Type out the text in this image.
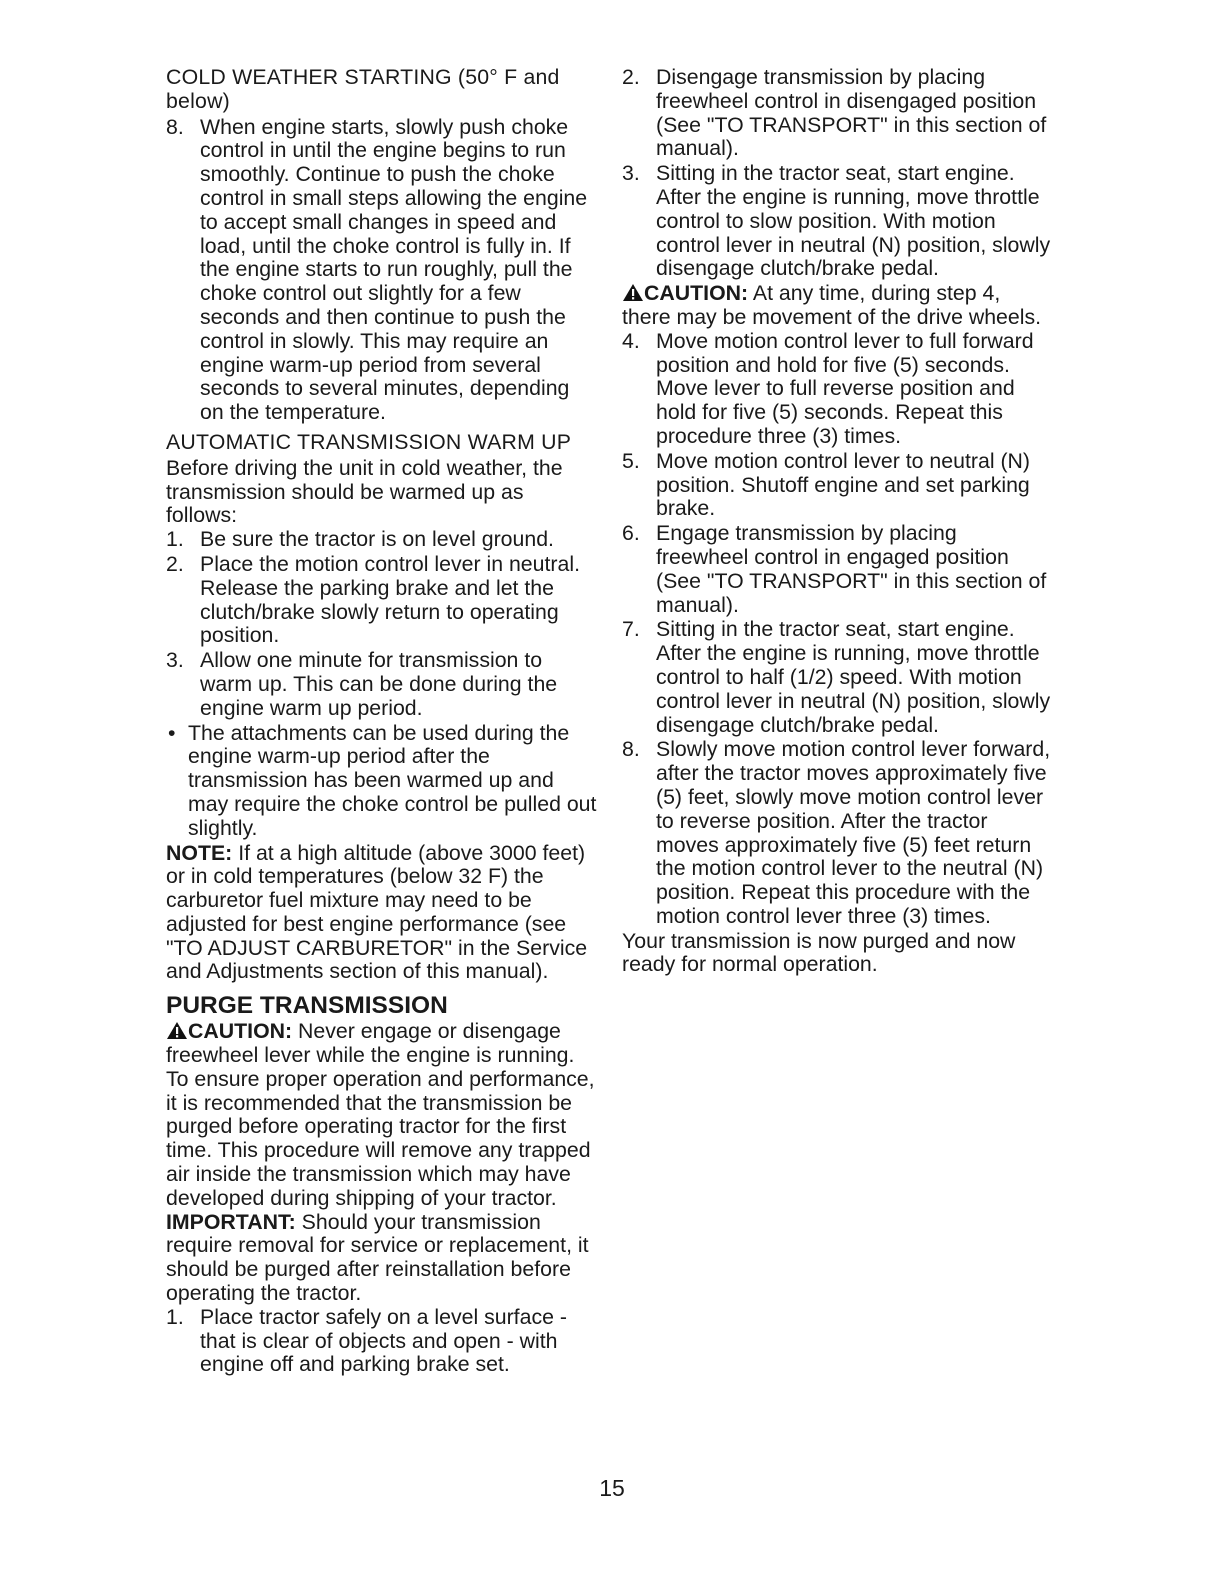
COLD WEATHER STARTING (50° F and below)

8. When engine starts, slowly push choke control in until the engine begins to run smoothly. Continue to push the choke control in small steps allowing the engine to accept small changes in speed and load, until the choke control is fully in. If the engine starts to run roughly, pull the choke control out slightly for a few seconds and then continue to push the control in slowly. This may require an engine warm-up period from several seconds to several minutes, depending on the temperature.

AUTOMATIC TRANSMISSION WARM UP

Before driving the unit in cold weather, the transmission should be warmed up as follows:

1. Be sure the tractor is on level ground.
2. Place the motion control lever in neutral. Release the parking brake and let the clutch/brake slowly return to operating position.
3. Allow one minute for transmission to warm up. This can be done during the engine warm up period.
• The attachments can be used during the engine warm-up period after the transmission has been warmed up and may require the choke control be pulled out slightly.

NOTE: If at a high altitude (above 3000 feet) or in cold temperatures (below 32 F) the carburetor fuel mixture may need to be adjusted for best engine performance (see "TO ADJUST CARBURETOR" in the Service and Adjustments section of this manual).

PURGE TRANSMISSION

CAUTION: Never engage or disengage freewheel lever while the engine is running.

To ensure proper operation and performance, it is recommended that the transmission be purged before operating tractor for the first time. This procedure will remove any trapped air inside the transmission which may have developed during shipping of your tractor.

IMPORTANT: Should your transmission require removal for service or replacement, it should be purged after reinstallation before operating the tractor.

1. Place tractor safely on a level surface - that is clear of objects and open - with engine off and parking brake set.
2. Disengage transmission by placing freewheel control in disengaged position (See "TO TRANSPORT" in this section of manual).
3. Sitting in the tractor seat, start engine. After the engine is running, move throttle control to slow position. With motion control lever in neutral (N) position, slowly disengage clutch/brake pedal.

CAUTION: At any time, during step 4, there may be movement of the drive wheels.

4. Move motion control lever to full forward position and hold for five (5) seconds. Move lever to full reverse position and hold for five (5) seconds. Repeat this procedure three (3) times.
5. Move motion control lever to neutral (N) position. Shutoff engine and set parking brake.
6. Engage transmission by placing freewheel control in engaged position (See "TO TRANSPORT" in this section of manual).
7. Sitting in the tractor seat, start engine. After the engine is running, move throttle control to half (1/2) speed. With motion control lever in neutral (N) position, slowly disengage clutch/brake pedal.
8. Slowly move motion control lever forward, after the tractor moves approximately five (5) feet, slowly move motion control lever to reverse position. After the tractor moves approximately five (5) feet return the motion control lever to the neutral (N) position. Repeat this procedure with the motion control lever three (3) times.

Your transmission is now purged and now ready for normal operation.

15
